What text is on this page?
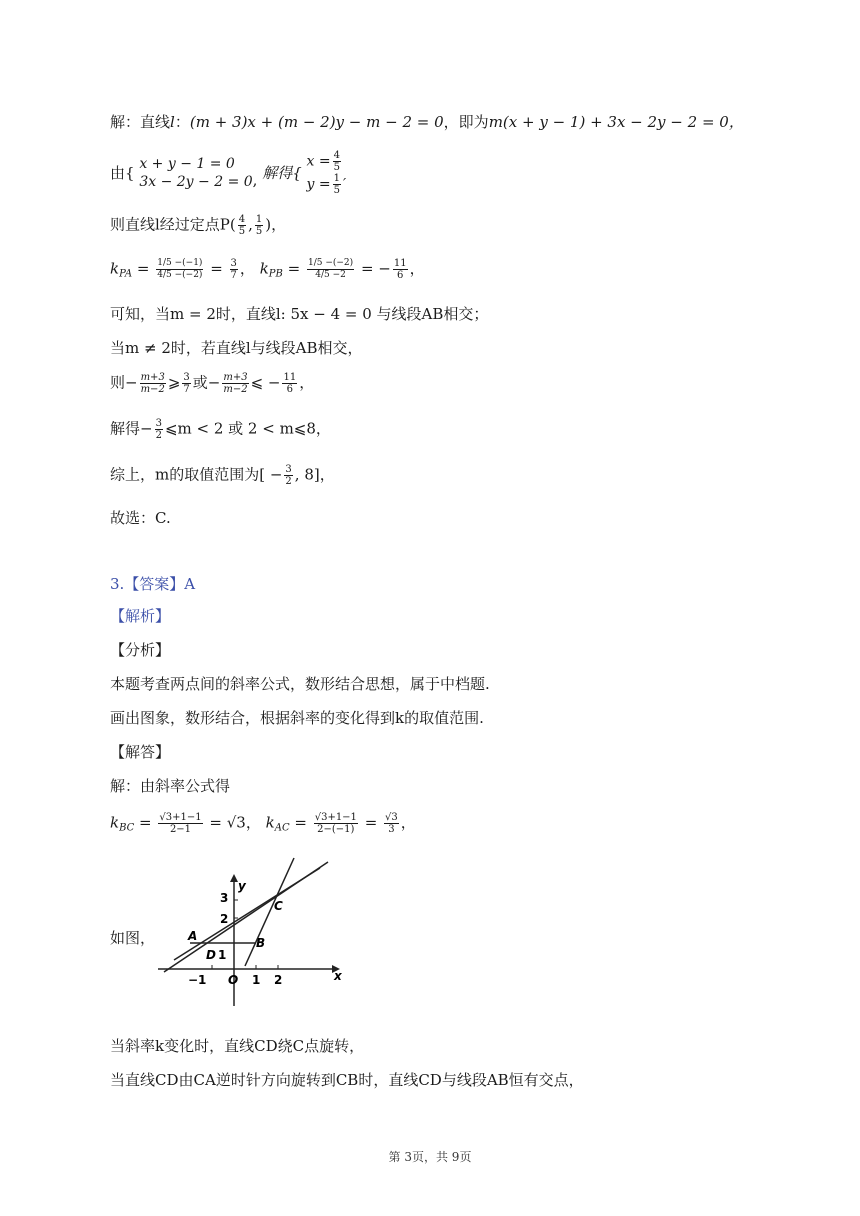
解：直线l：(m + 3)x + (m − 2)y − m − 2 = 0，即为m(x + y − 1) + 3x − 2y − 2 = 0，
由{ x + y − 1 = 0
3x − 2y − 2 = 0 , 解得{
$x = \frac{4}{5}$
$y = \frac{1}{5}$ ′
则直线l经过定点$P( \frac{4}{5}$ , $\frac{1}{5}$ )，
$k_{PA} = \frac{1/5 -(-1)}{4/5 -(-2)} = \frac{3}{7}$ ， $k_{PB} = \frac{1/5 -(-2)}{4/5 -2}$ = − $\frac{11}{6}$ ，
可知，当m = 2时，直线l: 5x − 4 = 0 与线段AB相交；
当m ≠ 2时，若直线l与线段AB相交，
则− $\frac{m+3}{m-2}$ ⩾ $\frac{3}{7}$ 或− $\frac{m+3}{m-2}$ ⩽ − $\frac{11}{6}$ ，
解得− $\frac{3}{2}$ ⩽m < 2 或 2 < m⩽8，
综上，m的取值范围为[ − $\frac{3}{2}$ , 8]，
故选：C.
3.【答案】A
【解析】
【分析】
本题考查两点间的斜率公式，数形结合思想，属于中档题.
画出图象，数形结合，根据斜率的变化得到k的取值范围.
【解答】
解：由斜率公式得
$k_{BC} = \frac{√3+1-1}{2-1} = √3$， $k_{AC} = \frac{√3+1-1}{2-(-1)} = \frac{√3}{3}$ ，
如图，
y
x
3
2
A
D 1
B
C
−1 O 1 2
当斜率k变化时，直线CD绕C点旋转，
当直线CD由CA逆时针方向旋转到CB时，直线CD与线段AB恒有交点，
第 3页，共 9页
